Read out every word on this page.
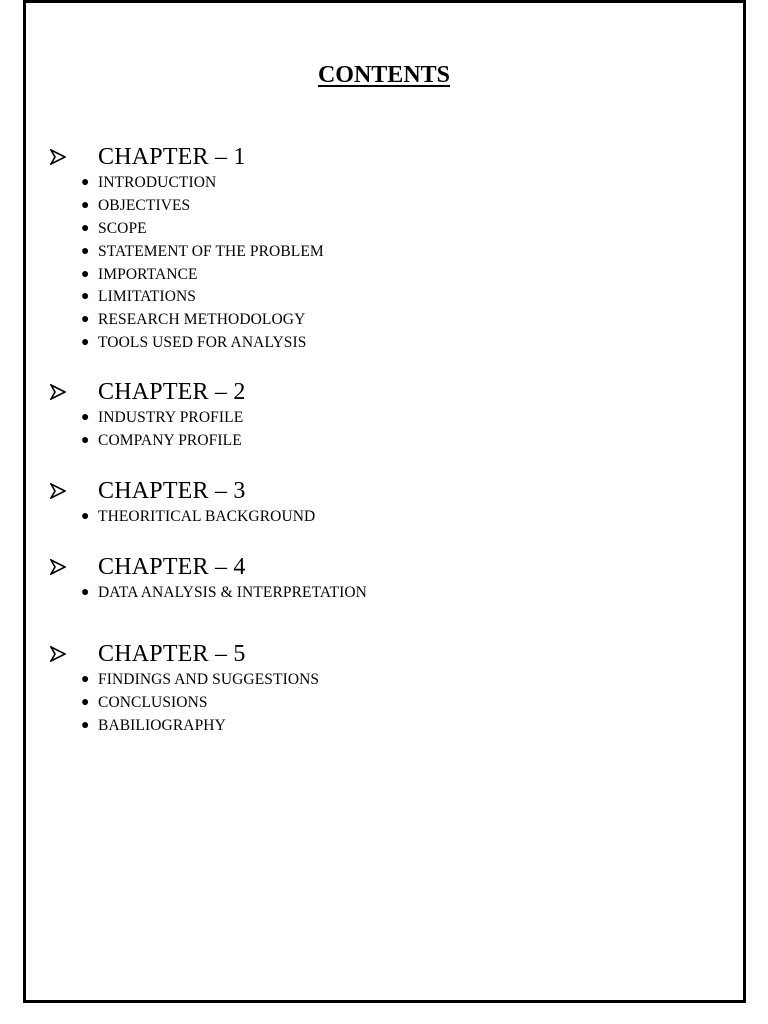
CONTENTS
CHAPTER – 1
● INTRODUCTION
● OBJECTIVES
● SCOPE
● STATEMENT OF THE PROBLEM
● IMPORTANCE
● LIMITATIONS
● RESEARCH METHODOLOGY
● TOOLS USED FOR ANALYSIS
CHAPTER – 2
● INDUSTRY PROFILE
● COMPANY PROFILE
CHAPTER – 3
● THEORITICAL BACKGROUND
CHAPTER – 4
● DATA ANALYSIS & INTERPRETATION
CHAPTER – 5
● FINDINGS AND SUGGESTIONS
● CONCLUSIONS
● BABILIOGRAPHY
